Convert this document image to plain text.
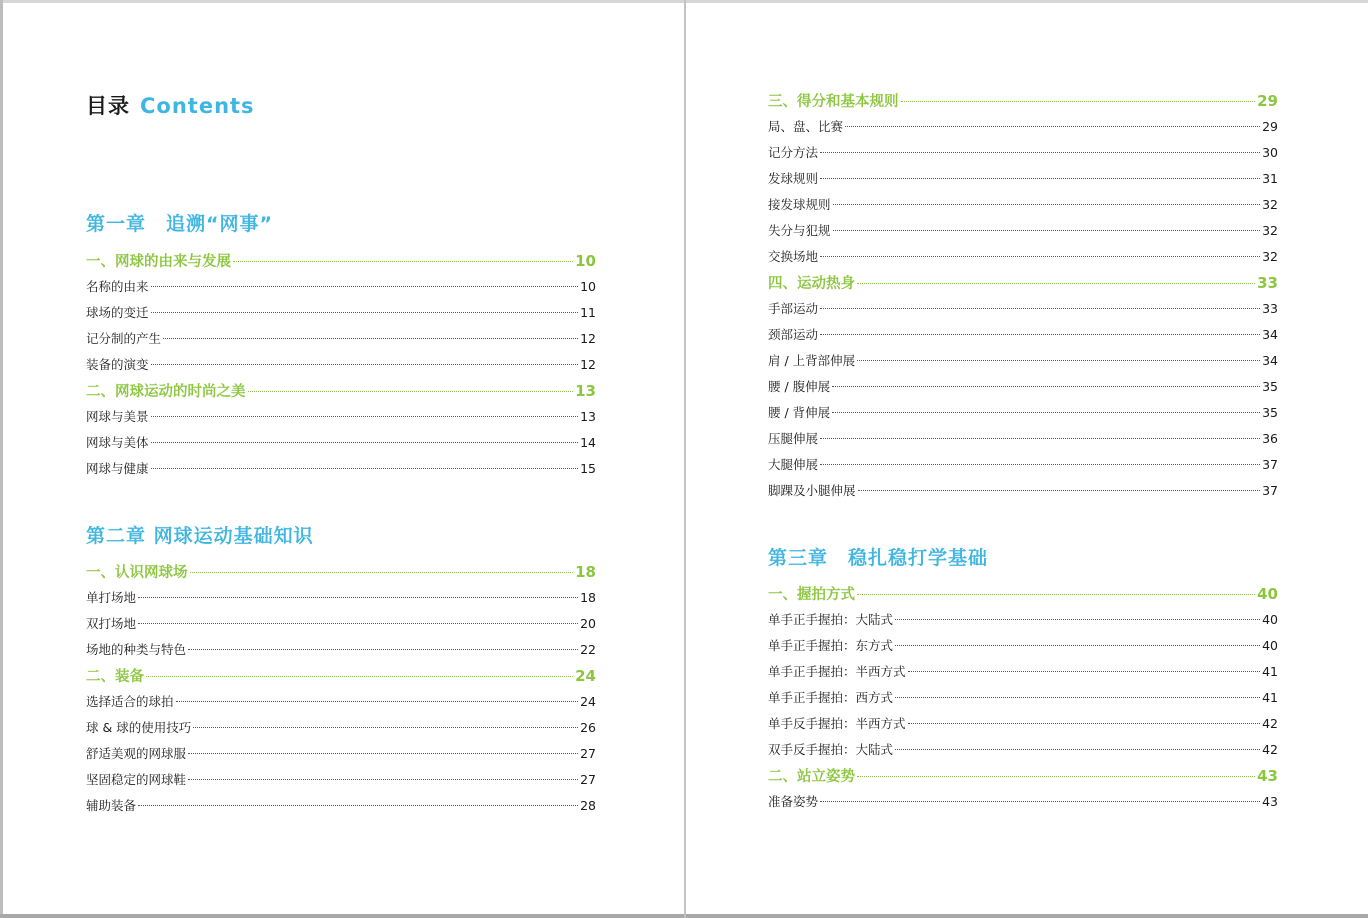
目录 Contents
第一章　追溯“网事”
一、网球的由来与发展	10
名称的由来	10
球场的变迁	11
记分制的产生	12
装备的演变	12
二、网球运动的时尚之美	13
网球与美景	13
网球与美体	14
网球与健康	15
第二章 网球运动基础知识
一、认识网球场	18
单打场地	18
双打场地	20
场地的种类与特色	22
二、装备	24
选择适合的球拍	24
球 & 球的使用技巧	26
舒适美观的网球服	27
坚固稳定的网球鞋	27
辅助装备	28
三、得分和基本规则	29
局、盘、比赛	29
记分方法	30
发球规则	31
接发球规则	32
失分与犯规	32
交换场地	32
四、运动热身	33
手部运动	33
颈部运动	34
肩 / 上背部伸展	34
腰 / 腹伸展	35
腰 / 背伸展	35
压腿伸展	36
大腿伸展	37
脚踝及小腿伸展	37
第三章　稳扎稳打学基础
一、握拍方式	40
单手正手握拍：大陆式	40
单手正手握拍：东方式	40
单手正手握拍：半西方式	41
单手正手握拍：西方式	41
单手反手握拍：半西方式	42
双手反手握拍：大陆式	42
二、站立姿势	43
准备姿势	43
